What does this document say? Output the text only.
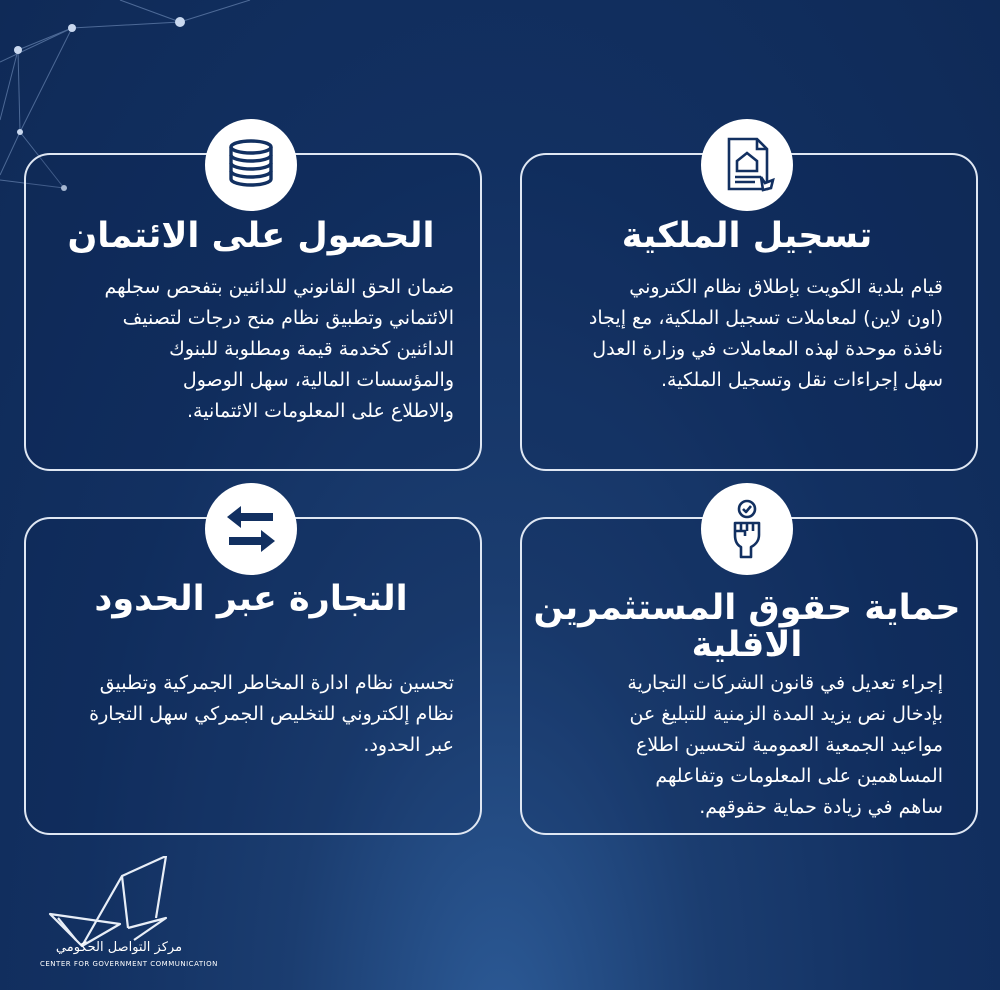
الحصول على الائتمان

ضمان الحق القانوني للدائنين بتفحص سجلهم
الائتماني وتطبيق نظام منح درجات لتصنيف
الدائنين كخدمة قيمة ومطلوبة للبنوك
والمؤسسات المالية، سهل الوصول
والاطلاع على المعلومات الائتمانية.

تسجيل الملكية

قيام بلدية الكويت بإطلاق نظام الكتروني
(اون لاين) لمعاملات تسجيل الملكية، مع إيجاد
نافذة موحدة لهذه المعاملات في وزارة العدل
سهل إجراءات نقل وتسجيل الملكية.

التجارة عبر الحدود

تحسين نظام ادارة المخاطر الجمركية وتطبيق
نظام إلكتروني للتخليص الجمركي سهل التجارة
عبر الحدود.

حماية حقوق المستثمرين
الاقلية

إجراء تعديل في قانون الشركات التجارية
بإدخال نص يزيد المدة الزمنية للتبليغ عن
مواعيد الجمعية العمومية لتحسين اطلاع
المساهمين على المعلومات وتفاعلهم
ساهم في زيادة حماية حقوقهم.

مركز التواصل الحكومي
CENTER FOR GOVERNMENT COMMUNICATION
